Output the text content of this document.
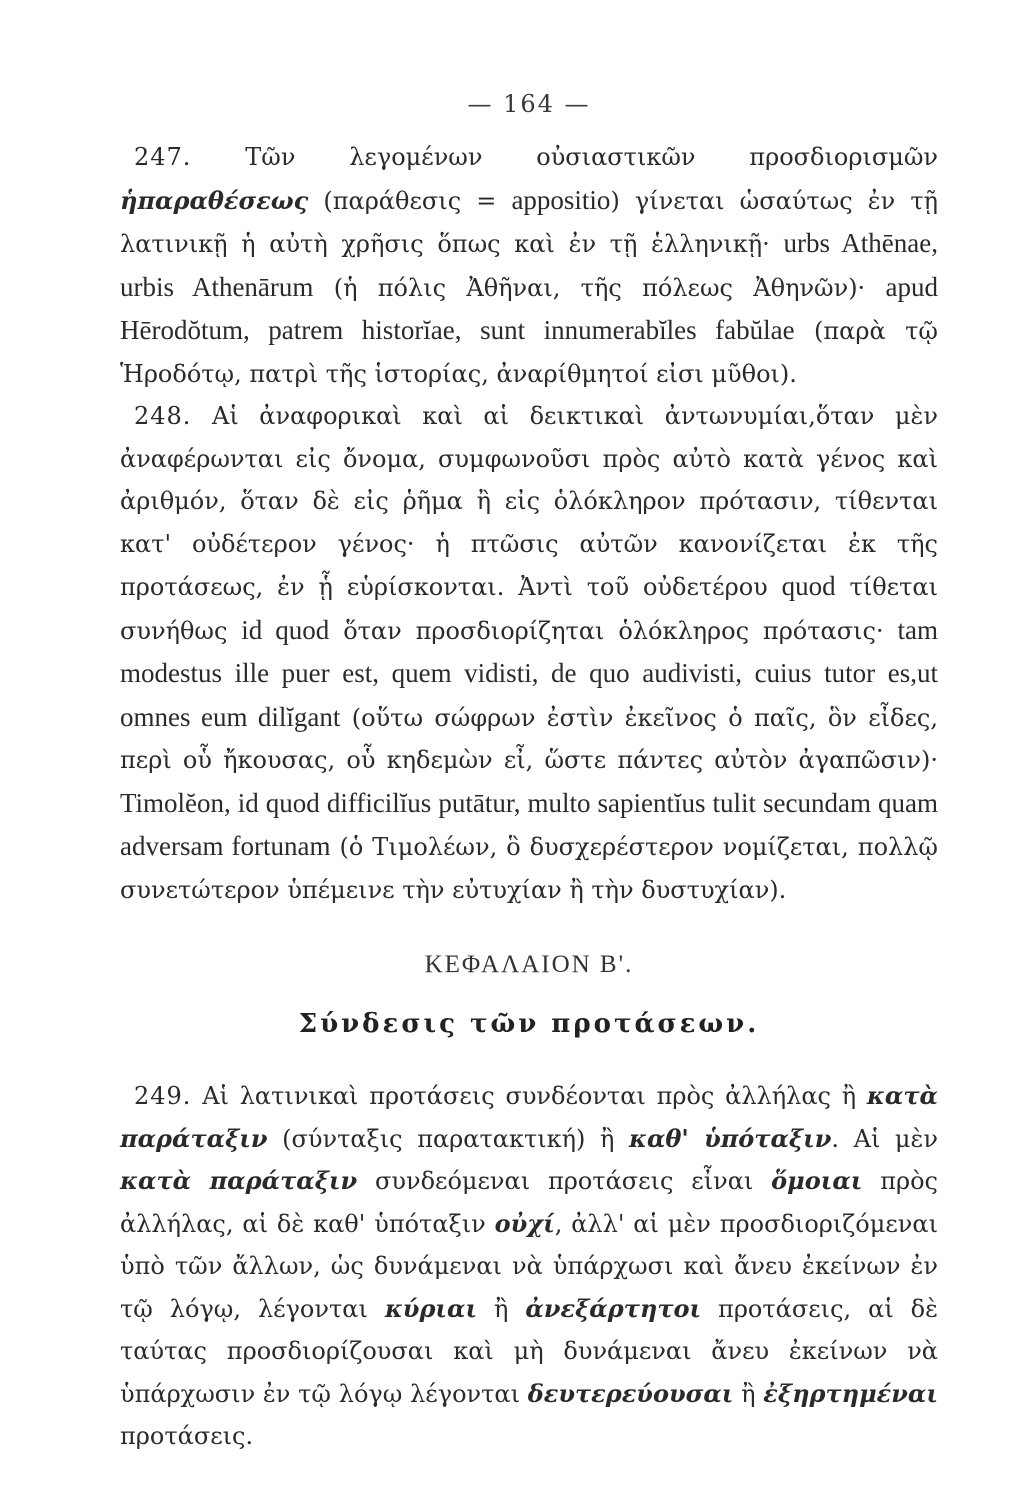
— 164 —

247. Τῶν λεγομένων οὐσιαστικῶν προσδιορισμῶν ἡπαραθέσεως (παράθεσις = appositio) γίνεται ὡσαύτως ἐν τῇ λατινικῇ ἡ αὐτὴ χρῆσις ὅπως καὶ ἐν τῇ ἑλληνικῇ· urbs Athēnae, urbis Athenārum (ἡ πόλις Ἀθῆναι, τῆς πόλεως Ἀθηνῶν)· apud Hērodŏtum, patrem historĭae, sunt innumerabĭles fabŭlae (παρὰ τῷ Ἡροδότῳ, πατρὶ τῆς ἱστορίας, ἀναρίθμητοί εἰσι μῦθοι).

248. Αἱ ἀναφορικαὶ καὶ αἱ δεικτικαὶ ἀντωνυμίαι,ὅταν μὲν ἀναφέρωνται εἰς ὄνομα, συμφωνοῦσι πρὸς αὐτὸ κατὰ γένος καὶ ἀριθμόν, ὅταν δὲ εἰς ῥῆμα ἢ εἰς ὁλόκληρον πρότασιν, τίθενται κατ' οὐδέτερον γένος· ἡ πτῶσις αὐτῶν κανονίζεται ἐκ τῆς προτάσεως, ἐν ᾗ εὑρίσκονται. Ἀντὶ τοῦ οὐδετέρου quod τίθεται συνήθως id quod ὅταν προσδιορίζηται ὁλόκληρος πρότασις· tam modestus ille puer est, quem vidisti, de quo audivisti, cuius tutor es,ut omnes eum dilĭgant (οὕτω σώφρων ἐστὶν ἐκεῖνος ὁ παῖς, ὃν εἶδες, περὶ οὗ ἤκουσας, οὗ κηδεμὼν εἶ, ὥστε πάντες αὐτὸν ἀγαπῶσιν)· Timolĕon, id quod difficilĭus putātur, multo sapientĭus tulit secundam quam adversam fortunam (ὁ Τιμολέων, ὃ δυσχερέστερον νομίζεται, πολλῷ συνετώτερον ὑπέμεινε τὴν εὐτυχίαν ἢ τὴν δυστυχίαν).

ΚΕΦΑΛΑΙΟΝ Β'.
Σύνδεσις τῶν προτάσεων.

249. Αἱ λατινικαὶ προτάσεις συνδέονται πρὸς ἀλλήλας ἢ κατὰ παράταξιν (σύνταξις παρατακτική) ἢ καθ' ὑπόταξιν. Αἱ μὲν κατὰ παράταξιν συνδεόμεναι προτάσεις εἶναι ὅμοιαι πρὸς ἀλλήλας, αἱ δὲ καθ' ὑπόταξιν οὐχί, ἀλλ' αἱ μὲν προσδιοριζόμεναι ὑπὸ τῶν ἄλλων, ὡς δυνάμεναι νὰ ὑπάρχωσι καὶ ἄνευ ἐκείνων ἐν τῷ λόγῳ, λέγονται κύριαι ἢ ἀνεξάρτητοι προτάσεις, αἱ δὲ ταύτας προσδιορίζουσαι καὶ μὴ δυνάμεναι ἄνευ ἐκείνων νὰ ὑπάρχωσιν ἐν τῷ λόγῳ λέγονται δευτερεύουσαι ἢ ἐξηρτημέναι προτάσεις.
